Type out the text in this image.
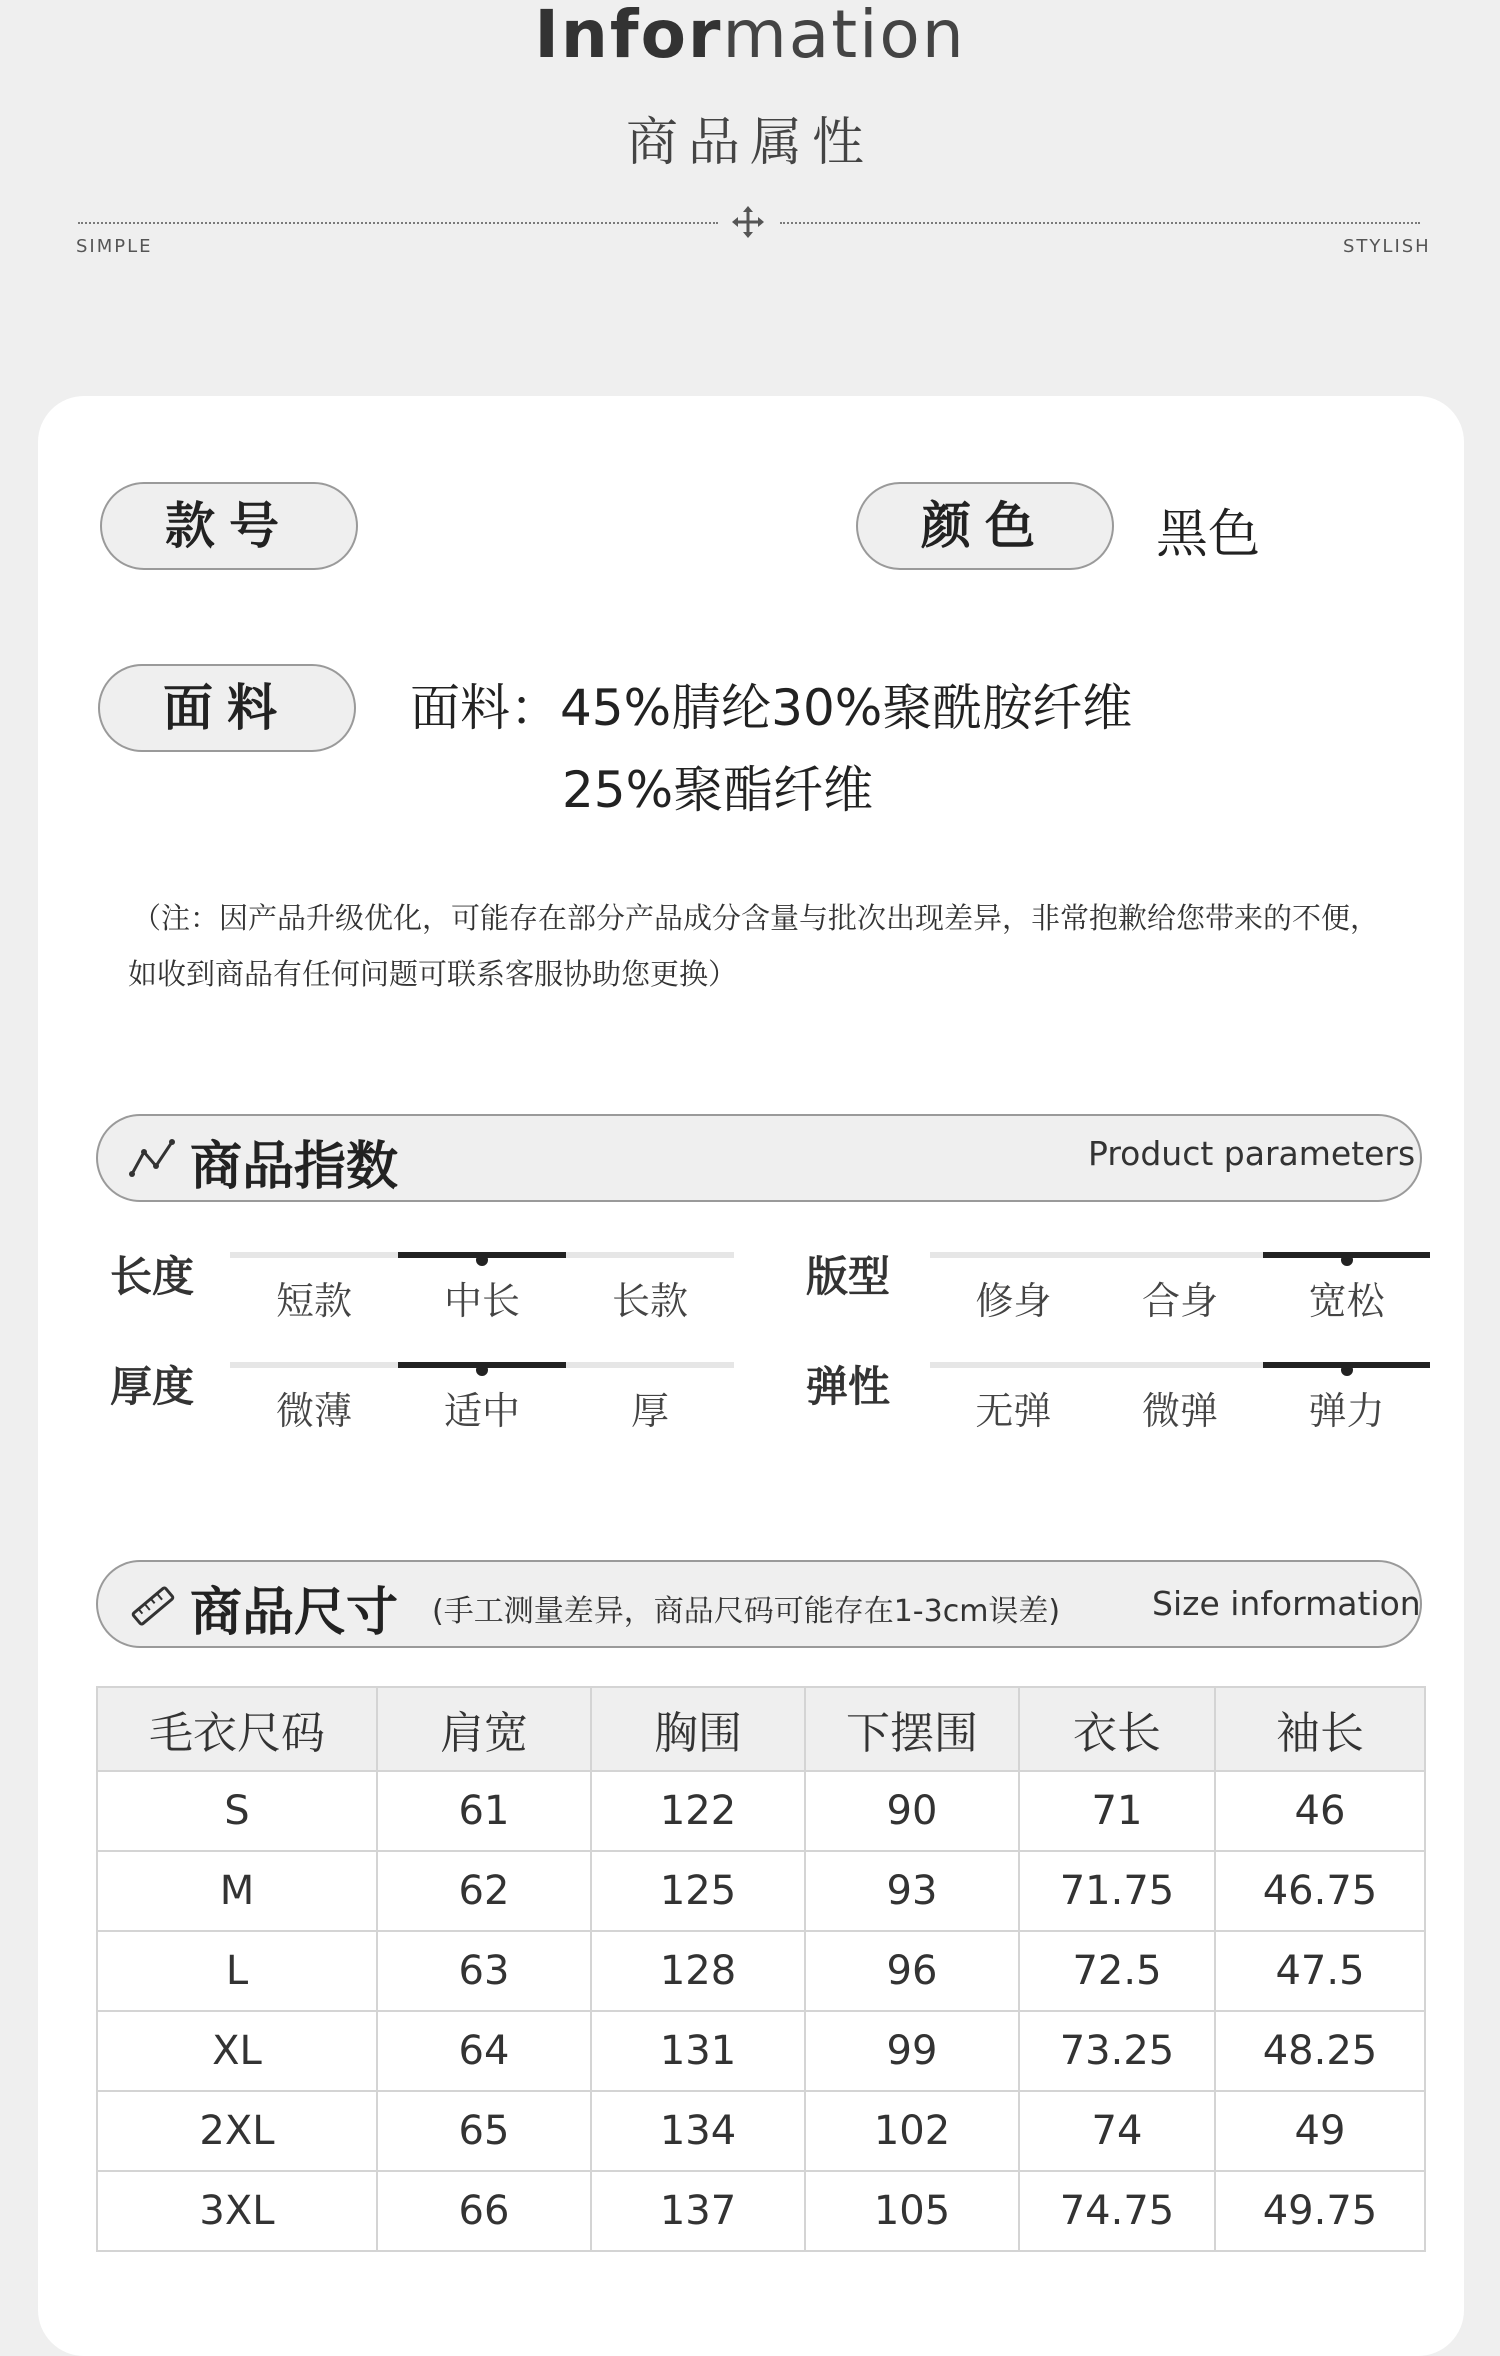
Information
商品属性
SIMPLE	STYLISH
款号	颜色	黑色
面料	面料：45%腈纶30%聚酰胺纤维
25%聚酯纤维
（注：因产品升级优化，可能存在部分产品成分含量与批次出现差异，非常抱歉给您带来的不便，
如收到商品有任何问题可联系客服协助您更换）
商品指数	Product parameters
长度	短款	中长	长款	版型	修身	合身	宽松
厚度	微薄	适中	厚	弹性	无弹	微弹	弹力
商品尺寸 (手工测量差异，商品尺码可能存在1-3cm误差)	Size information
毛衣尺码	肩宽	胸围	下摆围	衣长	袖长
S	61	122	90	71	46
M	62	125	93	71.75	46.75
L	63	128	96	72.5	47.5
XL	64	131	99	73.25	48.25
2XL	65	134	102	74	49
3XL	66	137	105	74.75	49.75
